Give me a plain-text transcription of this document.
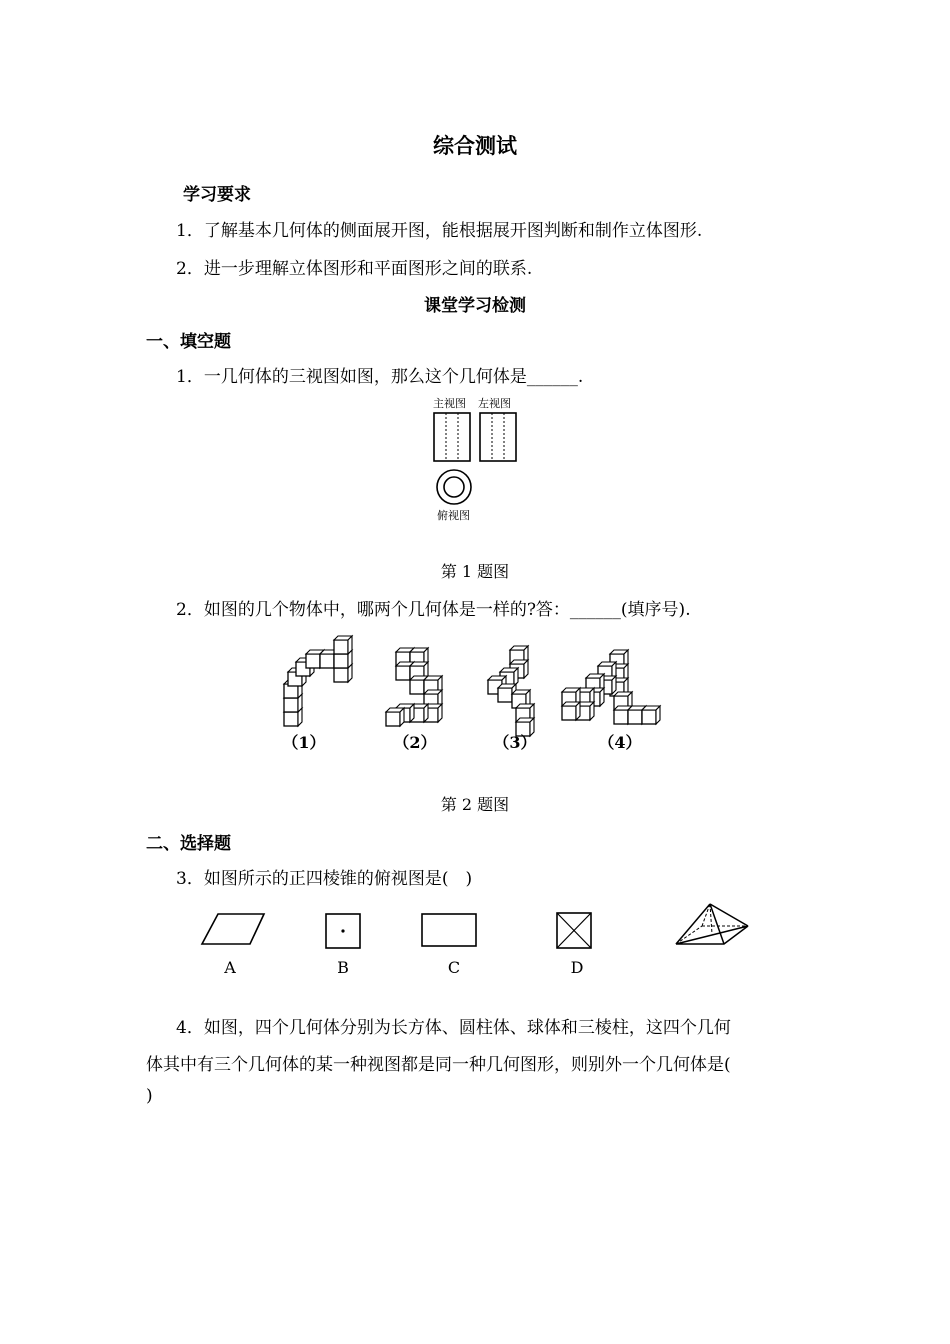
综合测试
学习要求
1．了解基本几何体的侧面展开图，能根据展开图判断和制作立体图形.
2．进一步理解立体图形和平面图形之间的联系.
课堂学习检测
一、填空题
1．一几何体的三视图如图，那么这个几何体是______.
主视图 左视图
俯视图
第 1 题图
2．如图的几个物体中，哪两个几何体是一样的?答：______(填序号).
（1）	（2）	（3）	（4）
第 2 题图
二、选择题
3．如图所示的正四棱锥的俯视图是(　)
A	B	C	D
4．如图，四个几何体分别为长方体、圆柱体、球体和三棱柱，这四个几何
体其中有三个几何体的某一种视图都是同一种几何图形，则别外一个几何体是(
)
